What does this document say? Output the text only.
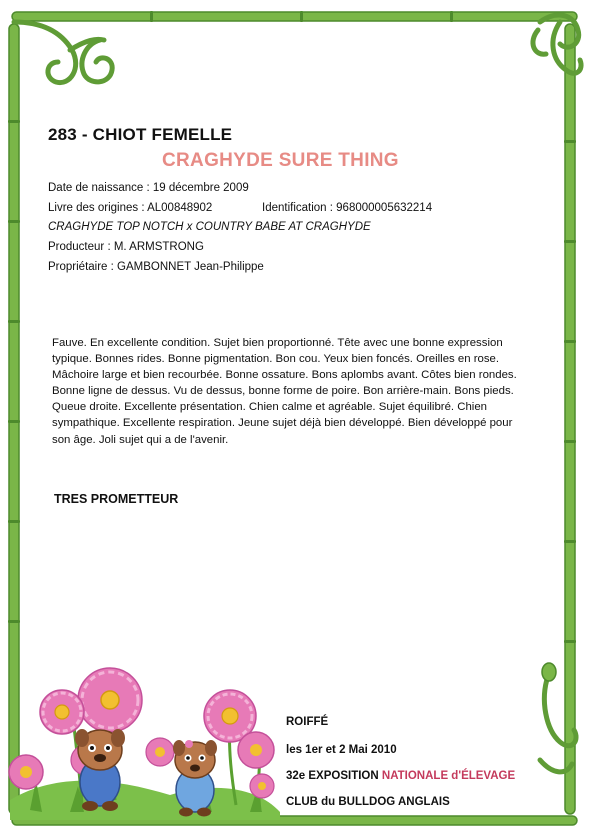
283 - CHIOT FEMELLE
CRAGHYDE SURE THING
Date de naissance : 19 décembre 2009
Livre des origines : AL00848902	Identification : 968000005632214
CRAGHYDE TOP NOTCH x COUNTRY BABE AT CRAGHYDE
Producteur : M. ARMSTRONG
Propriétaire : GAMBONNET Jean-Philippe
Fauve. En excellente condition. Sujet bien proportionné. Tête avec une bonne expression typique. Bonnes rides. Bonne pigmentation. Bon cou. Yeux bien foncés. Oreilles en rose. Mâchoire large et bien recourbée. Bonne ossature. Bons aplombs avant. Côtes bien rondes. Bonne ligne de dessus. Vu de dessus, bonne forme de poire. Bon arrière-main. Bons pieds. Queue droite. Excellente présentation. Chien calme et agréable. Sujet équilibré. Chien sympathique. Excellente respiration. Jeune sujet déjà bien développé. Bien développé pour son âge. Joli sujet qui a de l'avenir.
TRES PROMETTEUR
ROIFFÉ
les 1er et 2 Mai 2010
32e EXPOSITION NATIONALE d'ÉLEVAGE
CLUB du BULLDOG ANGLAIS
